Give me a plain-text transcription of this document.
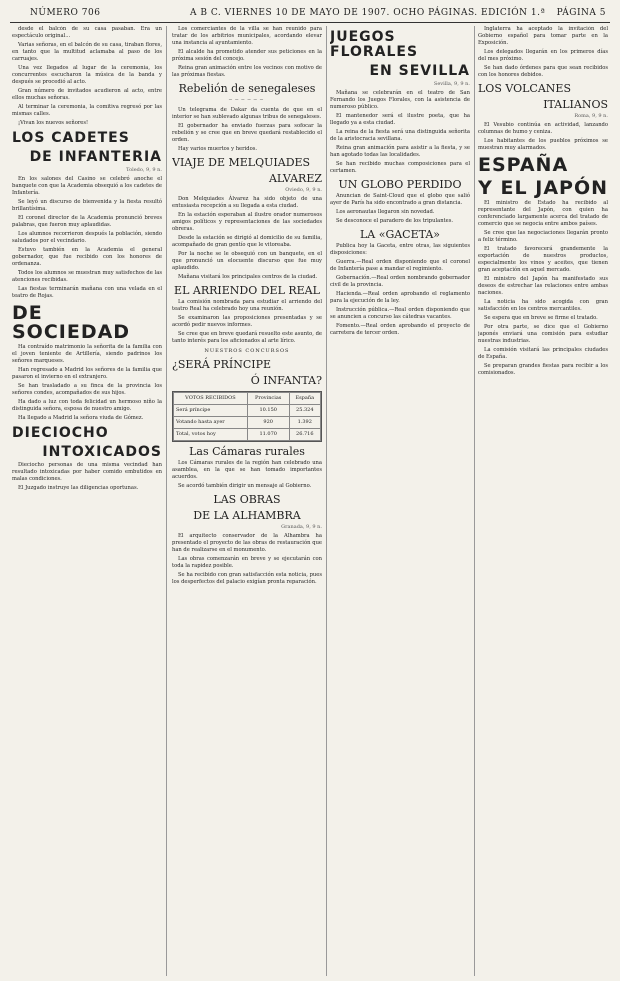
NÚMERO 706	A B C. VIERNES 10 DE MAYO DE 1907. OCHO PÁGINAS. EDICIÓN 1.ª PÁGINA 5

desde el balcón de su casa pasaban. Era un espectáculo original...

Varias señoras, en el balcón de su casa, tiraban flores, en tanto que la multitud aclamaba al paso de los carruajes.

Una vez llegados al lugar de la ceremonia, los concurrentes escucharon la música de la banda y después se procedió al acto.

Gran número de invitados acudieron al acto, entre ellos muchas señoras.

Al terminar la ceremonia, la comitiva regresó por las mismas calles.

¡Vivan los nuevos señores!

LOS CADETES
DE INFANTERIA
Toledo, 9, 9 n.

En los salones del Casino se celebró anoche el banquete con que la Academia obsequió a los cadetes de Infantería.

Se leyó un discurso de bienvenida y la fiesta resultó brillantísima.

El coronel director de la Academia pronunció breves palabras, que fueron muy aplaudidas.

Los alumnos recorrieron después la población, siendo saludados por el vecindario.

Estuvo también en la Academia el general gobernador, que fue recibido con los honores de ordenanza.

Todos los alumnos se muestran muy satisfechos de las atenciones recibidas.

Las fiestas terminarán mañana con una velada en el teatro de Rojas.

DE SOCIEDAD

Ha contraído matrimonio la señorita de la familia con el joven teniente de Artillería, siendo padrinos los señores marqueses.

Han regresado a Madrid los señores de la familia que pasaron el invierno en el extranjero.

Se han trasladado a su finca de la provincia los señores condes, acompañados de sus hijos.

Ha dado a luz con toda felicidad un hermoso niño la distinguida señora, esposa de nuestro amigo.

Ha llegado a Madrid la señora viuda de Gómez.

DIECIOCHO
INTOXICADOS

Dieciocho personas de una misma vecindad han resultado intoxicadas por haber comido embutidos en malas condiciones.

El Juzgado instruye las diligencias oportunas.

Los comerciantes de la villa se han reunido para tratar de los arbitrios municipales, acordando elevar una instancia al ayuntamiento.

El alcalde ha prometido atender sus peticiones en la próxima sesión del concejo.

Reina gran animación entre los vecinos con motivo de las próximas fiestas.

Rebelión de senegaleses
~~~~~~

Un telegrama de Dakar da cuenta de que en el interior se han sublevado algunas tribus de senegaleses.

El gobernador ha enviado fuerzas para sofocar la rebelión y se cree que en breve quedará restablecido el orden.

Hay varios muertos y heridos.

VIAJE DE MELQUIADES
ALVAREZ
Oviedo, 9, 9 n.

Don Melquiades Álvarez ha sido objeto de una entusiasta recepción a su llegada a esta ciudad.

En la estación esperaban al ilustre orador numerosos amigos políticos y representaciones de las sociedades obreras.

Desde la estación se dirigió al domicilio de su familia, acompañado de gran gentío que le vitoreaba.

Por la noche se le obsequió con un banquete, en el que pronunció un elocuente discurso que fue muy aplaudido.

Mañana visitará los principales centros de la ciudad.

EL ARRIENDO DEL REAL

La comisión nombrada para estudiar el arriendo del teatro Real ha celebrado hoy una reunión.

Se examinaron las proposiciones presentadas y se acordó pedir nuevos informes.

Se cree que en breve quedará resuelto este asunto, de tanto interés para los aficionados al arte lírico.

NUESTROS CONCURSOS
¿SERÁ PRÍNCIPE
Ó INFANTA?
VOTOS RECIBIDOS	Provincias	España
Será príncipe	10.150	25.324
Votando hasta ayer	920	1.392
Total, votos hoy	11.070	26.716
Las Cámaras rurales

Los Cámaras rurales de la región han celebrado una asamblea, en la que se han tomado importantes acuerdos.

Se acordó también dirigir un mensaje al Gobierno.

LAS OBRAS
DE LA ALHAMBRA
Granada, 9, 9 n.

El arquitecto conservador de la Alhambra ha presentado el proyecto de las obras de restauración que han de realizarse en el monumento.

Las obras comenzarán en breve y se ejecutarán con toda la rapidez posible.

Se ha recibido con gran satisfacción esta noticia, pues los desperfectos del palacio exigían pronta reparación.

JUEGOS FLORALES
EN SEVILLA
Sevilla, 9, 9 n.

Mañana se celebrarán en el teatro de San Fernando los Juegos Florales, con la asistencia de numeroso público.

El mantenedor será el ilustre poeta, que ha llegado ya a esta ciudad.

La reina de la fiesta será una distinguida señorita de la aristocracia sevillana.

Reina gran animación para asistir a la fiesta, y se han agotado todas las localidades.

Se han recibido muchas composiciones para el certamen.

UN GLOBO PERDIDO

Anuncian de Saint-Cloud que el globo que salió ayer de París ha sido encontrado a gran distancia.

Los aeronautas llegaron sin novedad.

Se desconoce el paradero de los tripulantes.

LA «GACETA»

Publica hoy la Gaceta, entre otras, las siguientes disposiciones:

Guerra.—Real orden disponiendo que el coronel de Infantería pase a mandar el regimiento.

Gobernación.—Real orden nombrando gobernador civil de la provincia.

Hacienda.—Real orden aprobando el reglamento para la ejecución de la ley.

Instrucción pública.—Real orden disponiendo que se anuncien a concurso las cátedras vacantes.

Fomento.—Real orden aprobando el proyecto de carretera de tercer orden.

Inglaterra ha aceptado la invitación del Gobierno español para tomar parte en la Exposición.

Los delegados llegarán en los primeros días del mes próximo.

Se han dado órdenes para que sean recibidos con los honores debidos.

LOS VOLCANES
ITALIANOS
Roma, 9, 9 n.

El Vesubio continúa en actividad, lanzando columnas de humo y ceniza.

Los habitantes de los pueblos próximos se muestran muy alarmados.

ESPAÑA
Y EL JAPÓN

El ministro de Estado ha recibido al representante del Japón, con quien ha conferenciado largamente acerca del tratado de comercio que se negocia entre ambos países.

Se cree que las negociaciones llegarán pronto a feliz término.

El tratado favorecerá grandemente la exportación de nuestros productos, especialmente los vinos y aceites, que tienen gran aceptación en aquel mercado.

El ministro del Japón ha manifestado sus deseos de estrechar las relaciones entre ambas naciones.

La noticia ha sido acogida con gran satisfacción en los centros mercantiles.

Se espera que en breve se firme el tratado.

Por otra parte, se dice que el Gobierno japonés enviará una comisión para estudiar nuestras industrias.

La comisión visitará las principales ciudades de España.

Se preparan grandes fiestas para recibir a los comisionados.
